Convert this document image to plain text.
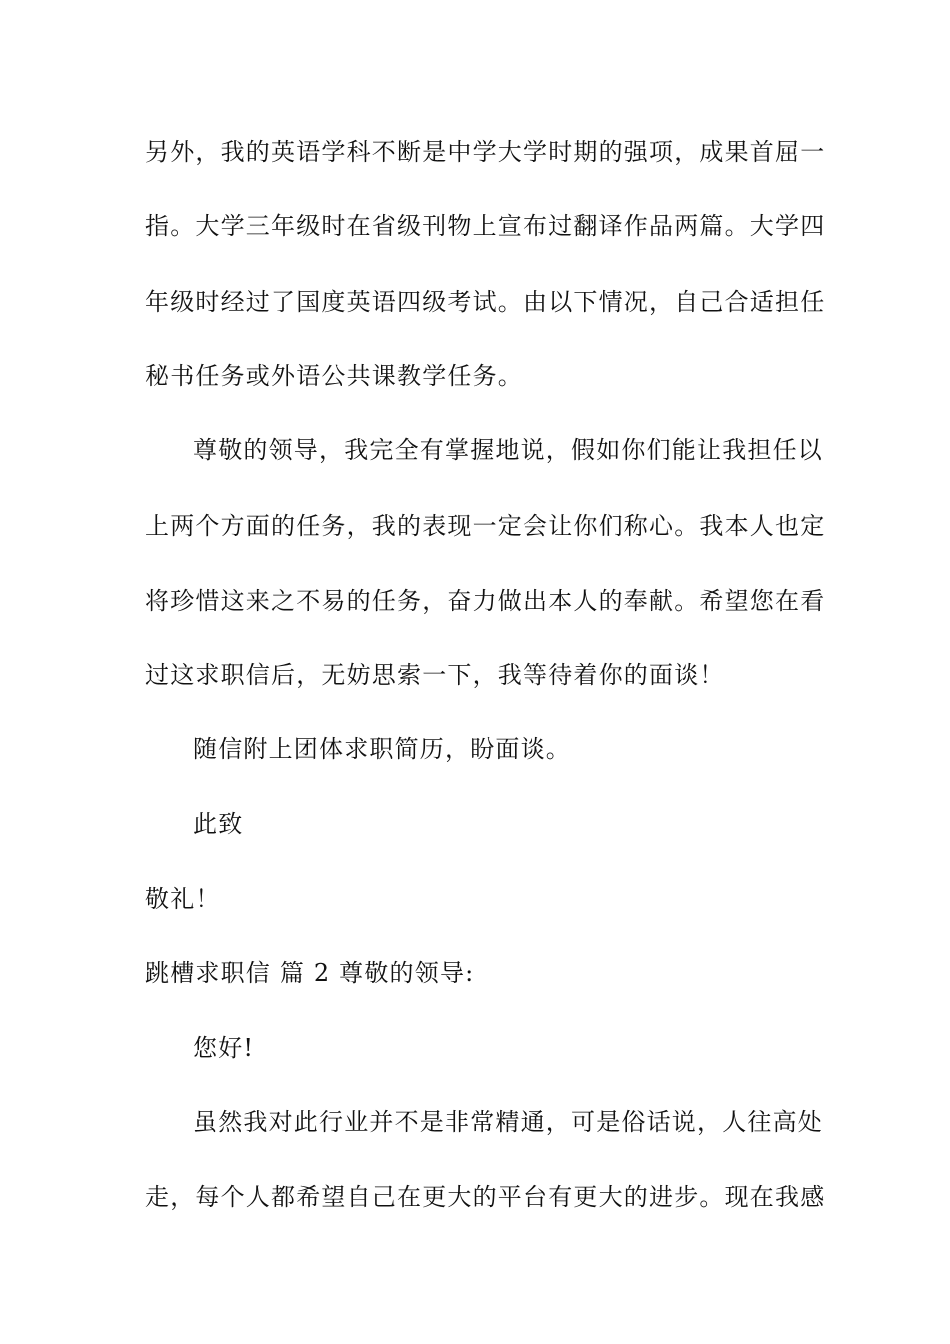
另外，我的英语学科不断是中学大学时期的强项，成果首屈一
指。大学三年级时在省级刊物上宣布过翻译作品两篇。大学四
年级时经过了国度英语四级考试。由以下情况，自己合适担任
秘书任务或外语公共课教学任务。
尊敬的领导，我完全有掌握地说，假如你们能让我担任以
上两个方面的任务，我的表现一定会让你们称心。我本人也定
将珍惜这来之不易的任务，奋力做出本人的奉献。希望您在看
过这求职信后，无妨思索一下，我等待着你的面谈！
随信附上团体求职简历，盼面谈。
此致
敬礼！
跳槽求职信 篇 2 尊敬的领导:
您好!
虽然我对此行业并不是非常精通，可是俗话说，人往高处
走，每个人都希望自己在更大的平台有更大的进步。现在我感
